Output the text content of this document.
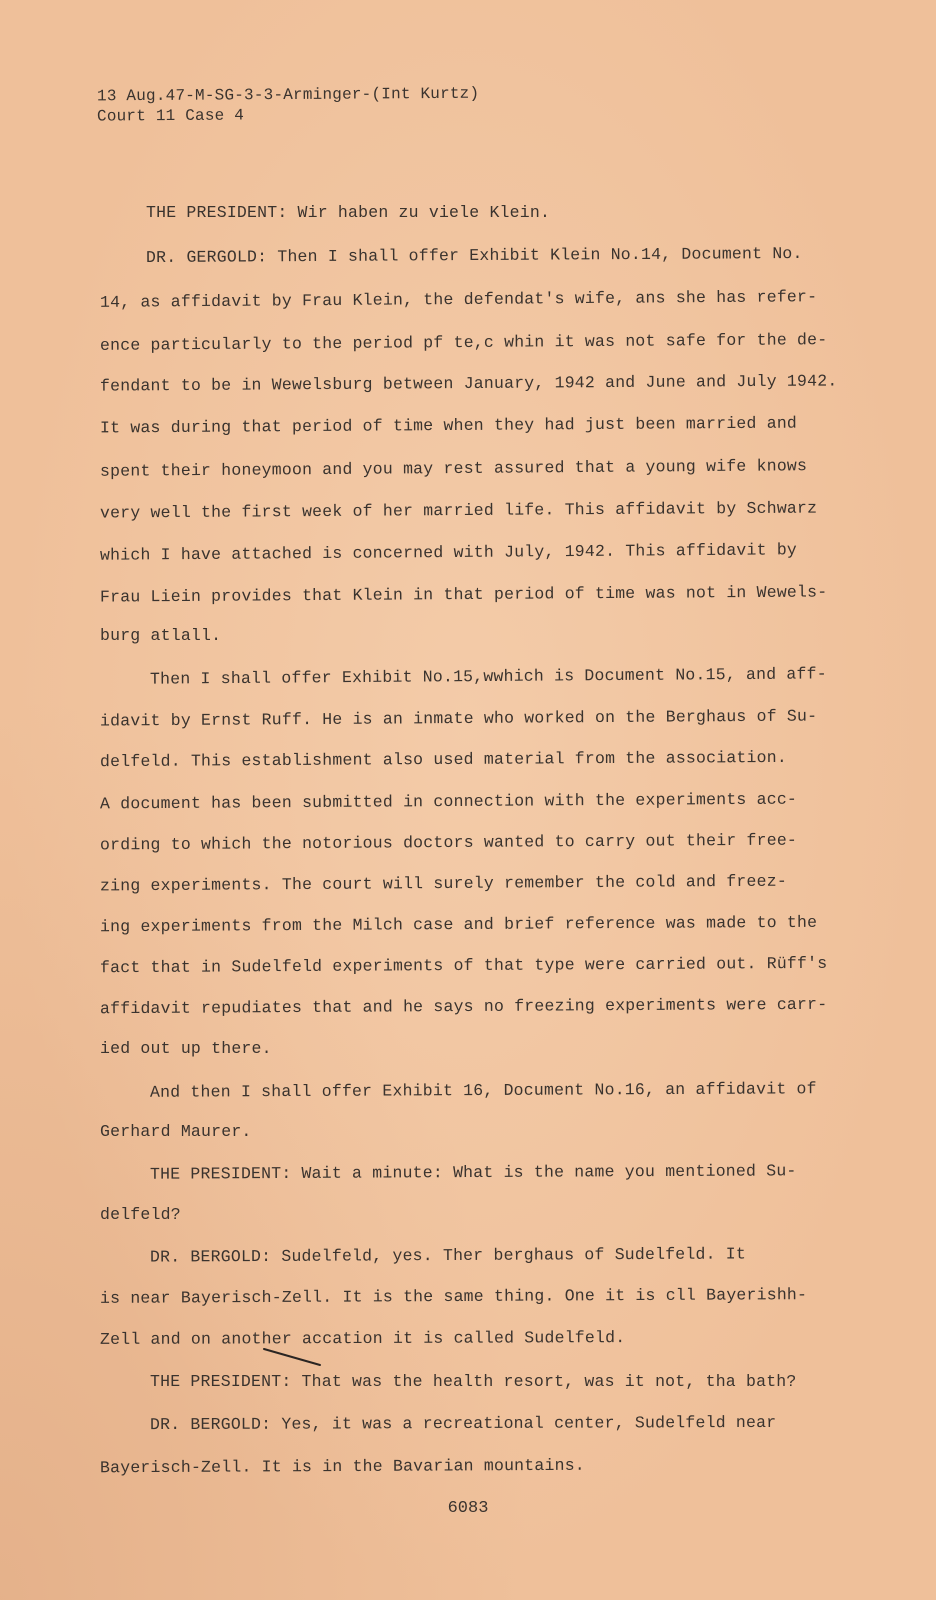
13 Aug.47-M-SG-3-3-Arminger-(Int Kurtz)

Court 11 Case 4

THE PRESIDENT: Wir haben zu viele Klein.

DR. GERGOLD: Then I shall offer Exhibit Klein No.14, Document No.

14, as affidavit by Frau Klein, the defendat's wife, ans she has refer-

ence particularly to the period pf te,c whin it was not safe for the de-

fendant to be in Wewelsburg between January, 1942 and June and July 1942.

It was during that period of time when they had just been married and

spent their honeymoon and you may rest assured that a young wife knows

very well the first week of her married life. This affidavit by Schwarz

which I have attached is concerned with July, 1942. This affidavit by

Frau Liein provides that Klein in that period of time was not in Wewels-

burg atlall.

Then I shall offer Exhibit No.15,wwhich is Document No.15, and aff-

idavit by Ernst Ruff. He is an inmate who worked on the Berghaus of Su-

delfeld. This establishment also used material from the association.

A document has been submitted in connection with the experiments acc-

ording to which the notorious doctors wanted to carry out their free-

zing experiments. The court will surely remember the cold and freez-

ing experiments from the Milch case and brief reference was made to the

fact that in Sudelfeld experiments of that type were carried out. Rüff's

affidavit repudiates that and he says no freezing experiments were carr-

ied out up there.

And then I shall offer Exhibit 16, Document No.16, an affidavit of

Gerhard Maurer.

THE PRESIDENT: Wait a minute: What is the name you mentioned Su-

delfeld?

DR. BERGOLD: Sudelfeld, yes. Ther berghaus of Sudelfeld. It

is near Bayerisch-Zell. It is the same thing. One it is cll Bayerishh-

Zell and on another accation it is called Sudelfeld.

THE PRESIDENT: That was the health resort, was it not, tha bath?

DR. BERGOLD: Yes, it was a recreational center, Sudelfeld near

Bayerisch-Zell. It is in the Bavarian mountains.

6083
